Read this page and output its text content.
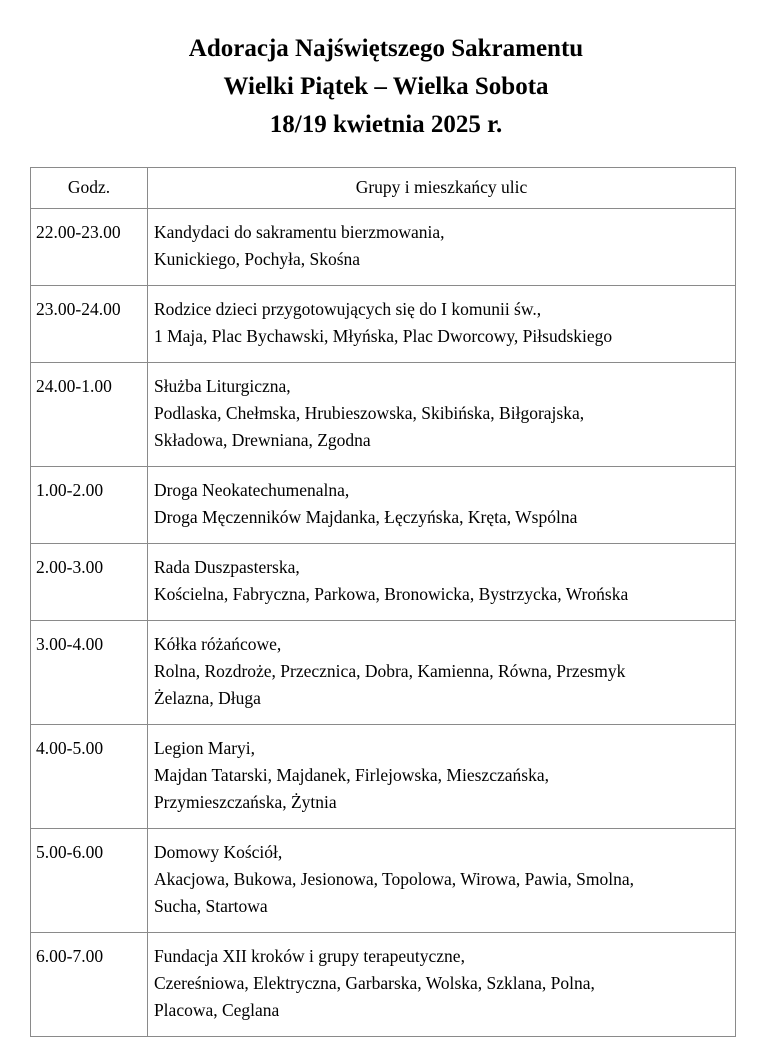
Adoracja Najświętszego Sakramentu
Wielki Piątek – Wielka Sobota
18/19 kwietnia 2025 r.
Godz.	Grupy i mieszkańcy ulic
22.00-23.00	Kandydaci do sakramentu bierzmowania,
Kunickiego, Pochyła, Skośna

23.00-24.00	Rodzice dzieci przygotowujących się do I komunii św.,
1 Maja, Plac Bychawski, Młyńska, Plac Dworcowy, Piłsudskiego

24.00-1.00	Służba Liturgiczna,
Podlaska, Chełmska, Hrubieszowska, Skibińska, Biłgorajska,
Składowa, Drewniana, Zgodna

1.00-2.00	Droga Neokatechumenalna,
Droga Męczenników Majdanka, Łęczyńska, Kręta, Wspólna

2.00-3.00	Rada Duszpasterska,
Kościelna, Fabryczna, Parkowa, Bronowicka, Bystrzycka, Wrońska

3.00-4.00	Kółka różańcowe,
Rolna, Rozdroże, Przecznica, Dobra, Kamienna, Równa, Przesmyk
Żelazna, Długa

4.00-5.00	Legion Maryi,
Majdan Tatarski, Majdanek, Firlejowska, Mieszczańska,
Przymieszczańska, Żytnia

5.00-6.00	Domowy Kościół,
Akacjowa, Bukowa, Jesionowa, Topolowa, Wirowa, Pawia, Smolna,
Sucha, Startowa

6.00-7.00	Fundacja XII kroków i grupy terapeutyczne,
Czereśniowa, Elektryczna, Garbarska, Wolska, Szklana, Polna,
Placowa, Ceglana
